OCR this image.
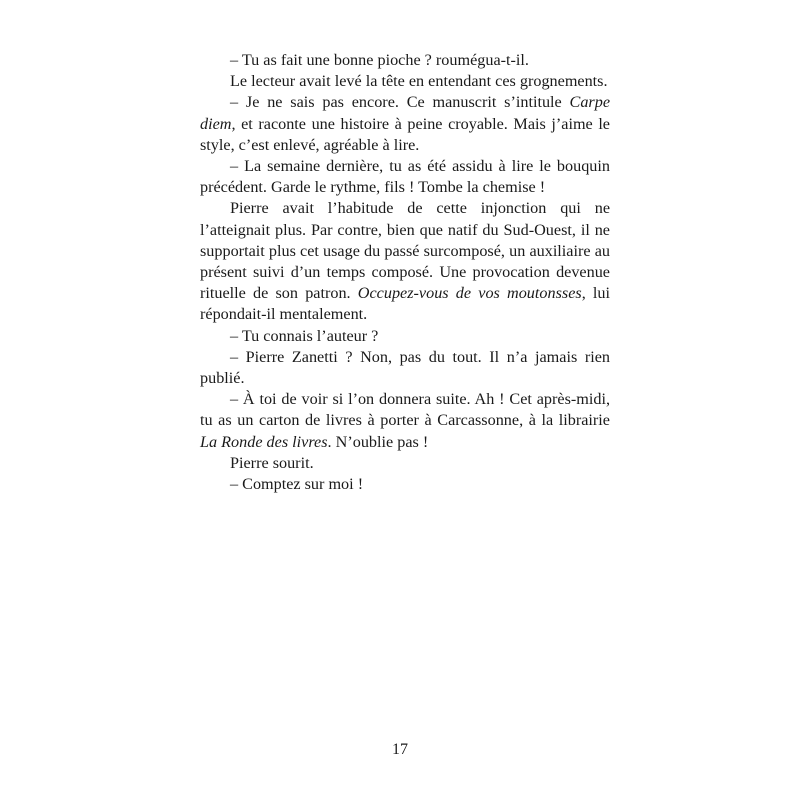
– Tu as fait une bonne pioche ? roumégua-t-il.

Le lecteur avait levé la tête en entendant ces grognements.

– Je ne sais pas encore. Ce manuscrit s’intitule Carpe diem, et raconte une histoire à peine croyable. Mais j’aime le style, c’est enlevé, agréable à lire.

– La semaine dernière, tu as été assidu à lire le bouquin précédent. Garde le rythme, fils ! Tombe la chemise !

Pierre avait l’habitude de cette injonction qui ne l’atteignait plus. Par contre, bien que natif du Sud-Ouest, il ne supportait plus cet usage du passé surcomposé, un auxiliaire au présent suivi d’un temps composé. Une provocation devenue rituelle de son patron. Occupez-vous de vos moutonsses, lui répondait-il mentalement.

– Tu connais l’auteur ?

– Pierre Zanetti ? Non, pas du tout. Il n’a jamais rien publié.

– À toi de voir si l’on donnera suite. Ah ! Cet après-midi, tu as un carton de livres à porter à Carcassonne, à la librairie La Ronde des livres. N’oublie pas !

Pierre sourit.

– Comptez sur moi !

17
